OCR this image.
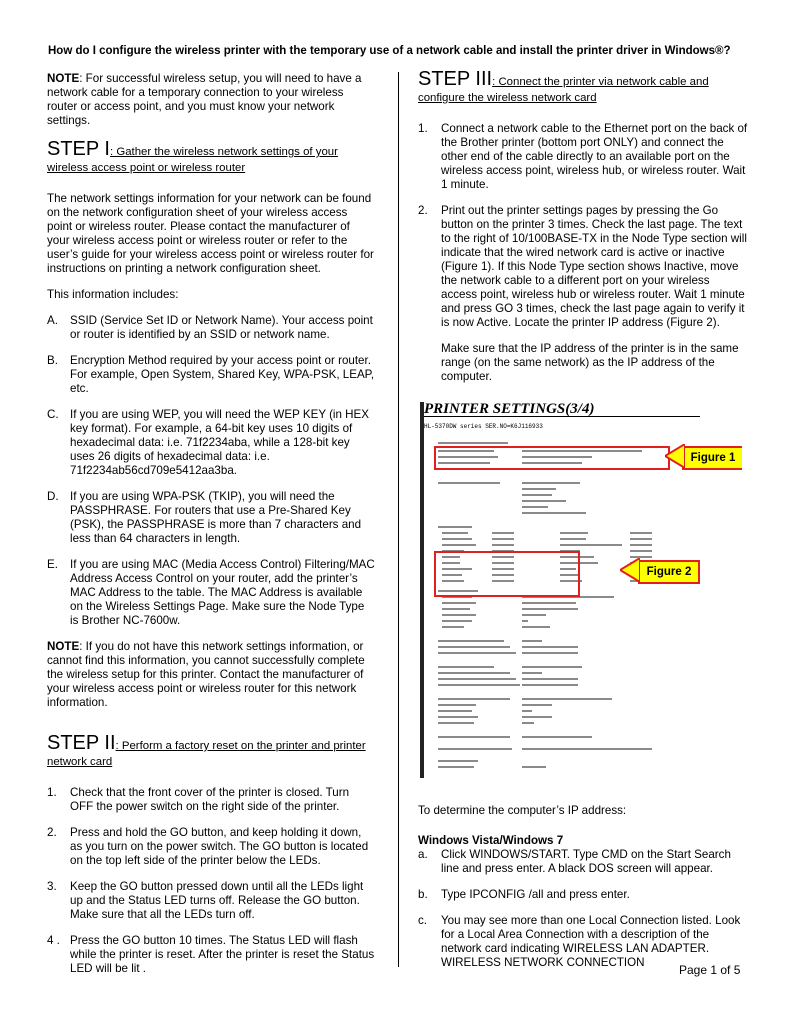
How do I configure the wireless printer with the temporary use of a network cable and install the printer driver in Windows®?

NOTE: For successful wireless setup, you will need to have a network cable for a temporary connection to your wireless router or access point, and you must know your network settings.

STEP I: Gather the wireless network settings of your wireless access point or wireless router

The network settings information for your network can be found on the network configuration sheet of your wireless access point or wireless router. Please contact the manufacturer of your wireless access point or wireless router or refer to the user’s guide for your wireless access point or wireless router for instructions on printing a network configuration sheet.

This information includes:

A. SSID (Service Set ID or Network Name). Your access point or router is identified by an SSID or network name.
B. Encryption Method required by your access point or router. For example, Open System, Shared Key, WPA-PSK, LEAP, etc.
C. If you are using WEP, you will need the WEP KEY (in HEX key format). For example, a 64-bit key uses 10 digits of hexadecimal data: i.e. 71f2234aba, while a 128-bit key uses 26 digits of hexadecimal data: i.e. 71f2234ab56cd709e5412aa3ba.
D. If you are using WPA-PSK (TKIP), you will need the PASSPHRASE. For routers that use a Pre-Shared Key (PSK), the PASSPHRASE is more than 7 characters and less than 64 characters in length.
E. If you are using MAC (Media Access Control) Filtering/MAC Address Access Control on your router, add the printer’s MAC Address to the table. The MAC Address is available on the Wireless Settings Page. Make sure the Node Type is Brother NC-7600w.

NOTE: If you do not have this network settings information, or cannot find this information, you cannot successfully complete the wireless setup for this printer. Contact the manufacturer of your wireless access point or wireless router for this network information.

STEP II: Perform a factory reset on the printer and printer network card

1. Check that the front cover of the printer is closed. Turn OFF the power switch on the right side of the printer.
2. Press and hold the GO button, and keep holding it down, as you turn on the power switch. The GO button is located on the top left side of the printer below the LEDs.
3. Keep the GO button pressed down until all the LEDs light up and the Status LED turns off. Release the GO button. Make sure that all the LEDs turn off.
4 . Press the GO button 10 times. The Status LED will flash while the printer is reset. After the printer is reset the Status LED will be lit .

STEP III: Connect the printer via network cable and configure the wireless network card

1. Connect a network cable to the Ethernet port on the back of the Brother printer (bottom port ONLY) and connect the other end of the cable directly to an available port on the wireless access point, wireless hub, or wireless router. Wait 1 minute.
2. Print out the printer settings pages by pressing the Go button on the printer 3 times. Check the last page. The text to the right of 10/100BASE-TX in the Node Type section will indicate that the wired network card is active or inactive (Figure 1). If this Node Type section shows Inactive, move the network cable to a different port on your wireless access point, wireless hub or wireless router. Wait 1 minute and press GO 3 times, check the last page again to verify it is now Active. Locate the printer IP address (Figure 2).
Make sure that the IP address of the printer is in the same range (on the same network) as the IP address of the computer.
PRINTER SETTINGS(3/4)
HL-5370DW series SER.NO=K6J116933
Figure 1
Figure 2

To determine the computer’s IP address:

Windows Vista/Windows 7

a. Click WINDOWS/START. Type CMD on the Start Search line and press enter. A black DOS screen will appear.
b. Type IPCONFIG /all and press enter.
c. You may see more than one Local Connection listed. Look for a Local Area Connection with a description of the network card indicating WIRELESS LAN ADAPTER. WIRELESS NETWORK CONNECTION
Page 1 of 5
